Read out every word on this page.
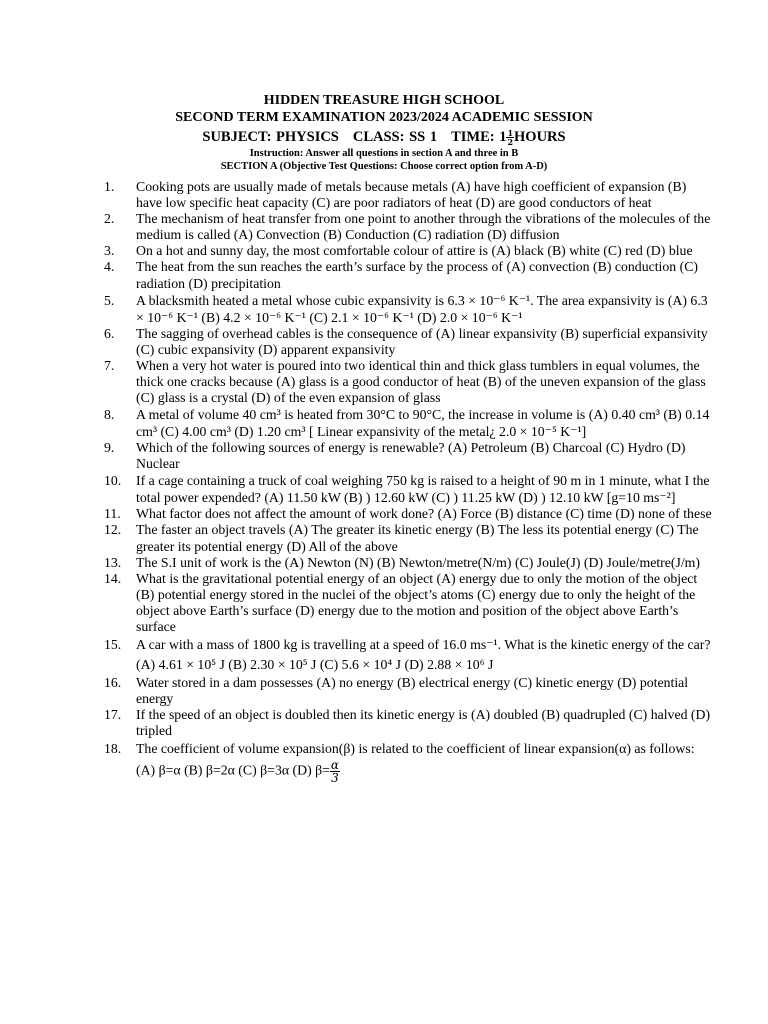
HIDDEN TREASURE HIGH SCHOOL
SECOND TERM EXAMINATION 2023/2024 ACADEMIC SESSION
SUBJECT: PHYSICS CLASS: SS 1 TIME: $1 \frac{1}{2}$ HOURS
Instruction: Answer all questions in section A and three in B
SECTION A (Objective Test Questions: Choose correct option from A-D)
1.	Cooking pots are usually made of metals because metals (A) have high coefficient of expansion (B) have low specific heat capacity (C) are poor radiators of heat (D) are good conductors of heat
2.	The mechanism of heat transfer from one point to another through the vibrations of the molecules of the medium is called (A) Convection (B) Conduction (C) radiation (D) diffusion
3.	On a hot and sunny day, the most comfortable colour of attire is (A) black (B) white (C) red (D) blue
4.	The heat from the sun reaches the earth’s surface by the process of (A) convection (B) conduction (C) radiation (D) precipitation
5.	A blacksmith heated a metal whose cubic expansivity is 6.3 × 10⁻⁶ K⁻¹. The area expansivity is (A) 6.3 × 10⁻⁶ K⁻¹ (B) 4.2 × 10⁻⁶ K⁻¹ (C) 2.1 × 10⁻⁶ K⁻¹ (D) 2.0 × 10⁻⁶ K⁻¹
6.	The sagging of overhead cables is the consequence of (A) linear expansivity (B) superficial expansivity (C) cubic expansivity (D) apparent expansivity
7.	When a very hot water is poured into two identical thin and thick glass tumblers in equal volumes, the thick one cracks because (A) glass is a good conductor of heat (B) of the uneven expansion of the glass (C) glass is a crystal (D) of the even expansion of glass
8.	A metal of volume 40 cm³ is heated from 30°C to 90°C, the increase in volume is (A) 0.40 cm³ (B) 0.14 cm³ (C) 4.00 cm³ (D) 1.20 cm³ [ Linear expansivity of the metal¿ 2.0 × 10⁻⁵ K⁻¹]
9.	Which of the following sources of energy is renewable? (A) Petroleum (B) Charcoal (C) Hydro (D) Nuclear
10.	If a cage containing a truck of coal weighing 750 kg is raised to a height of 90 m in 1 minute, what I the total power expended? (A) 11.50 kW (B) ) 12.60 kW (C) ) 11.25 kW (D) ) 12.10 kW [g=10 ms⁻²]
11.	What factor does not affect the amount of work done? (A) Force (B) distance (C) time (D) none of these
12.	The faster an object travels (A) The greater its kinetic energy (B) The less its potential energy (C) The greater its potential energy (D) All of the above
13.	The S.I unit of work is the (A) Newton (N) (B) Newton/metre(N/m) (C) Joule(J) (D) Joule/metre(J/m)
14.	What is the gravitational potential energy of an object (A) energy due to only the motion of the object (B) potential energy stored in the nuclei of the object’s atoms (C) energy due to only the height of the object above Earth’s surface (D) energy due to the motion and position of the object above Earth’s surface
15.	A car with a mass of 1800 kg is travelling at a speed of 16.0 ms⁻¹. What is the kinetic energy of the car? (A) 4.61 × 10⁵ J (B) 2.30 × 10⁵ J (C) 5.6 × 10⁴ J (D) 2.88 × 10⁶ J
16.	Water stored in a dam possesses (A) no energy (B) electrical energy (C) kinetic energy (D) potential energy
17.	If the speed of an object is doubled then its kinetic energy is (A) doubled (B) quadrupled (C) halved (D) tripled
18.	The coefficient of volume expansion(β) is related to the coefficient of linear expansion(α) as follows: (A) β=α (B) β=2α (C) β=3α (D) $\beta= \frac{\alpha}{3}$
